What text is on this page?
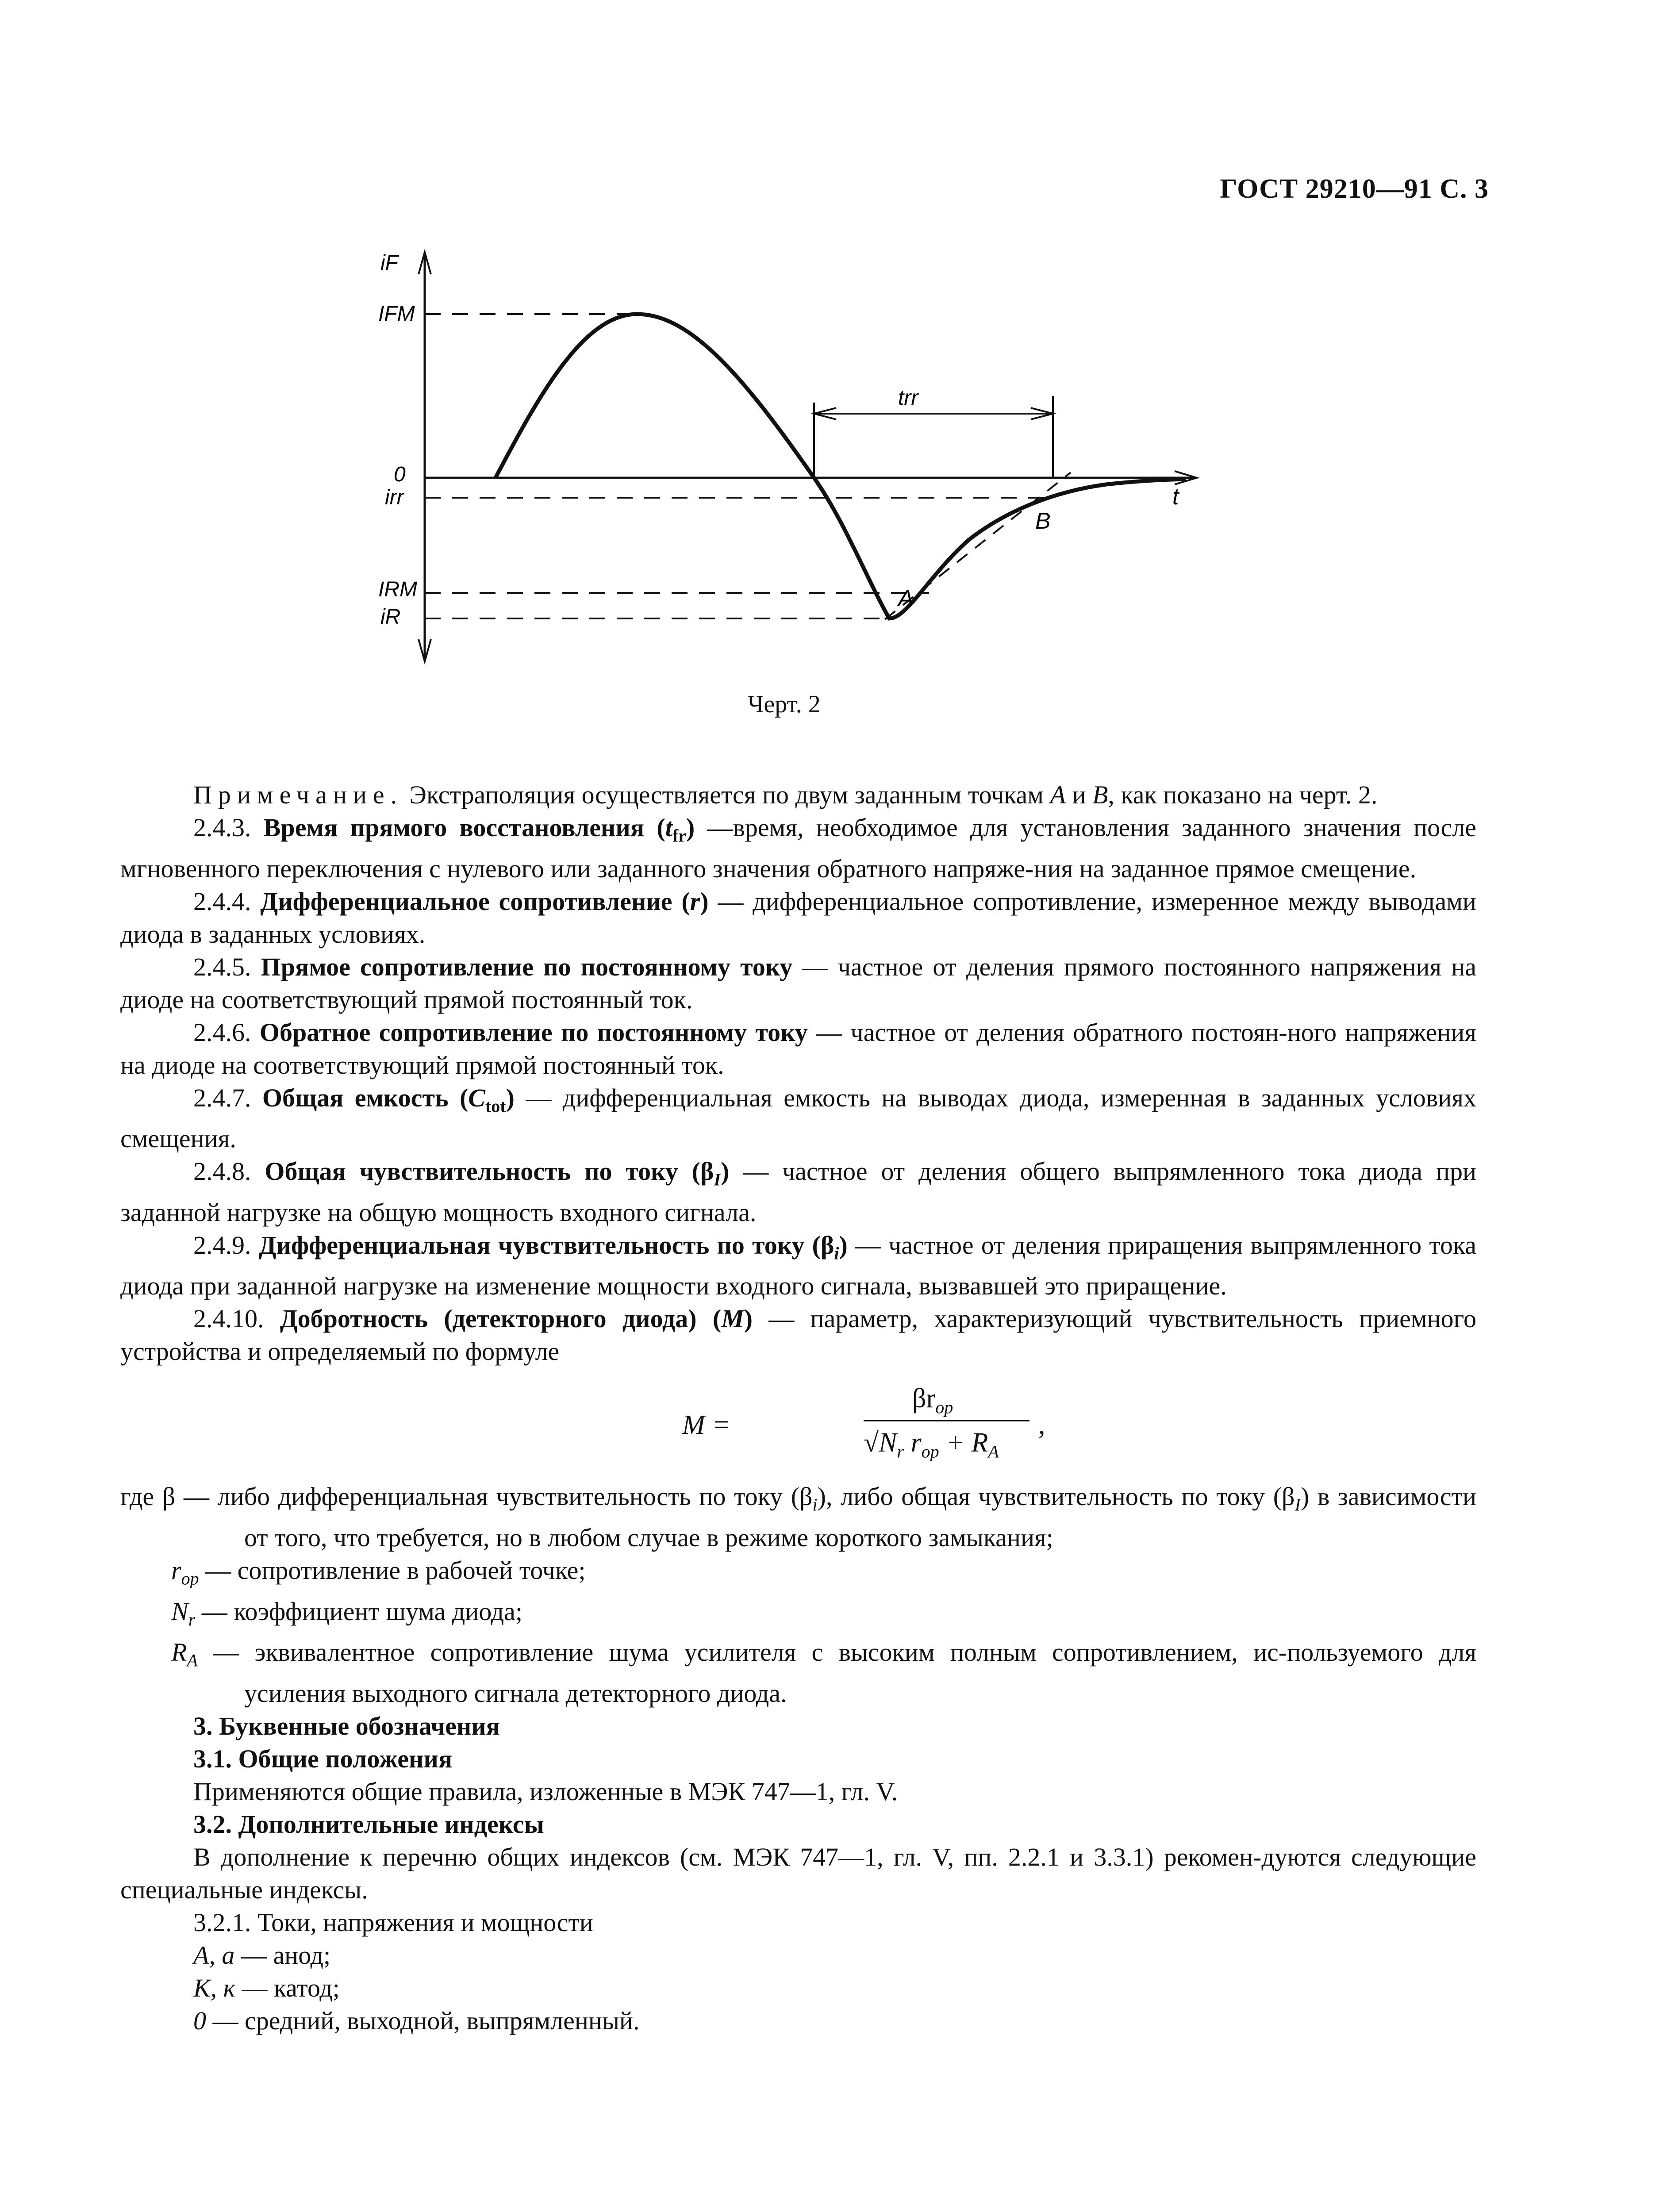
ГОСТ 29210—91 С. 3
iF
IFM
0
irr
IRM
iR
t
trr
A
B
Черт. 2

Примечание. Экстраполяция осуществляется по двум заданным точкам A и B, как показано на черт. 2.

2.4.3. Время прямого восстановления $(t_{fr})$ —время, необходимое для установления заданного значения после мгновенного переключения с нулевого или заданного значения обратного напряже-ния на заданное прямое смещение.

2.4.4. Дифференциальное сопротивление (r) — дифференциальное сопротивление, измеренное между выводами диода в заданных условиях.

2.4.5. Прямое сопротивление по постоянному току — частное от деления прямого постоянного напряжения на диоде на соответствующий прямой постоянный ток.

2.4.6. Обратное сопротивление по постоянному току — частное от деления обратного постоян-ного напряжения на диоде на соответствующий прямой постоянный ток.

2.4.7. Общая емкость $(C_{tot})$ — дифференциальная емкость на выводах диода, измеренная в заданных условиях смещения.

2.4.8. Общая чувствительность по току $(\beta_I)$ — частное от деления общего выпрямленного тока диода при заданной нагрузке на общую мощность входного сигнала.

2.4.9. Дифференциальная чувствительность по току $(\beta_i)$ — частное от деления приращения выпрямленного тока диода при заданной нагрузке на изменение мощности входного сигнала, вызвавшей это приращение.

2.4.10. Добротность (детекторного диода) (M) — параметр, характеризующий чувствительность приемного устройства и определяемый по формуле

M =
$\beta r_{op}$
$√N_r$ $r_{op} + R_A$
,

где β — либо дифференциальная чувствительность по току $(\beta_i)$, либо общая чувствительность по току $(\beta_I)$ в зависимости от того, что требуется, но в любом случае в режиме короткого замыкания;

$r_{op}$ — сопротивление в рабочей точке;

$N_r$ — коэффициент шума диода;

$R_A$ — эквивалентное сопротивление шума усилителя с высоким полным сопротивлением, ис-пользуемого для усиления выходного сигнала детекторного диода.

3. Буквенные обозначения

3.1. Общие положения

Применяются общие правила, изложенные в МЭК 747—1, гл. V.

3.2. Дополнительные индексы

В дополнение к перечню общих индексов (см. МЭК 747—1, гл. V, пп. 2.2.1 и 3.3.1) рекомен-дуются следующие специальные индексы.

3.2.1. Токи, напряжения и мощности

A, a — анод;

K, к — катод;

0 — средний, выходной, выпрямленный.
